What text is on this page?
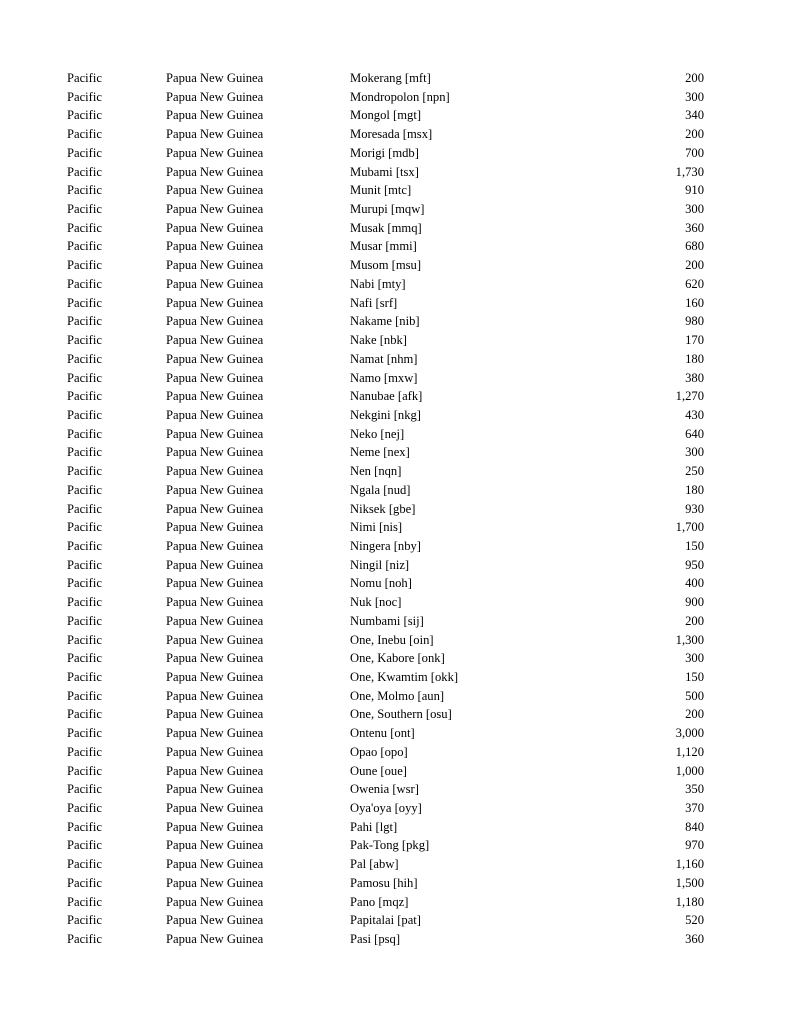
Pacific	Papua New Guinea	Mokerang [mft]	200
Pacific	Papua New Guinea	Mondropolon [npn]	300
Pacific	Papua New Guinea	Mongol [mgt]	340
Pacific	Papua New Guinea	Moresada [msx]	200
Pacific	Papua New Guinea	Morigi [mdb]	700
Pacific	Papua New Guinea	Mubami [tsx]	1,730
Pacific	Papua New Guinea	Munit [mtc]	910
Pacific	Papua New Guinea	Murupi [mqw]	300
Pacific	Papua New Guinea	Musak [mmq]	360
Pacific	Papua New Guinea	Musar [mmi]	680
Pacific	Papua New Guinea	Musom [msu]	200
Pacific	Papua New Guinea	Nabi [mty]	620
Pacific	Papua New Guinea	Nafi [srf]	160
Pacific	Papua New Guinea	Nakame [nib]	980
Pacific	Papua New Guinea	Nake [nbk]	170
Pacific	Papua New Guinea	Namat [nhm]	180
Pacific	Papua New Guinea	Namo [mxw]	380
Pacific	Papua New Guinea	Nanubae [afk]	1,270
Pacific	Papua New Guinea	Nekgini [nkg]	430
Pacific	Papua New Guinea	Neko [nej]	640
Pacific	Papua New Guinea	Neme [nex]	300
Pacific	Papua New Guinea	Nen [nqn]	250
Pacific	Papua New Guinea	Ngala [nud]	180
Pacific	Papua New Guinea	Niksek [gbe]	930
Pacific	Papua New Guinea	Nimi [nis]	1,700
Pacific	Papua New Guinea	Ningera [nby]	150
Pacific	Papua New Guinea	Ningil [niz]	950
Pacific	Papua New Guinea	Nomu [noh]	400
Pacific	Papua New Guinea	Nuk [noc]	900
Pacific	Papua New Guinea	Numbami [sij]	200
Pacific	Papua New Guinea	One, Inebu [oin]	1,300
Pacific	Papua New Guinea	One, Kabore [onk]	300
Pacific	Papua New Guinea	One, Kwamtim [okk]	150
Pacific	Papua New Guinea	One, Molmo [aun]	500
Pacific	Papua New Guinea	One, Southern [osu]	200
Pacific	Papua New Guinea	Ontenu [ont]	3,000
Pacific	Papua New Guinea	Opao [opo]	1,120
Pacific	Papua New Guinea	Oune [oue]	1,000
Pacific	Papua New Guinea	Owenia [wsr]	350
Pacific	Papua New Guinea	Oya'oya [oyy]	370
Pacific	Papua New Guinea	Pahi [lgt]	840
Pacific	Papua New Guinea	Pak-Tong [pkg]	970
Pacific	Papua New Guinea	Pal [abw]	1,160
Pacific	Papua New Guinea	Pamosu [hih]	1,500
Pacific	Papua New Guinea	Pano [mqz]	1,180
Pacific	Papua New Guinea	Papitalai [pat]	520
Pacific	Papua New Guinea	Pasi [psq]	360
